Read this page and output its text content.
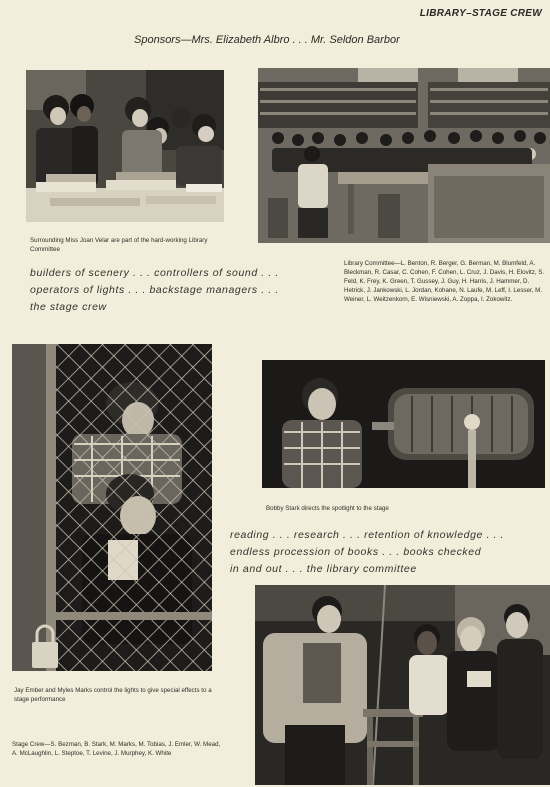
LIBRARY–STAGE CREW
Sponsors—Mrs. Elizabeth Albro . . . Mr. Seldon Barbor
Surrounding Miss Joan Velar are part of the hard-working Library Committee
Library Committee—L. Benton, R. Berger, G. Berman, M. Blumfeld, A. Bleckman, R. Casar, C. Cohen, F. Cohen, L. Cruz, J. Davis, H. Elovitz, S. Feld, K. Frey, K. Green, T. Gussey, J. Guy, H. Harris, J. Hammer, D. Hetrick, J. Jankowski, L. Jordan, Kohane, N. Laufe, M. Leff, I. Lesser, M. Weiner, L. Weitzenkorn, E. Wisniewski, A. Zoppa, I. Zokowitz.
builders of scenery . . . controllers of sound . . .
operators of lights . . . backstage managers . . .
the stage crew
Jay Ember and Myles Marks control the lights to give special effects to a stage performance
Stage Crew—S. Bezman, B. Stark, M. Marks, M. Tobias, J. Emler, W. Mead, A. McLaughlin, L. Steptoe, T. Levine, J. Murphey, K. White
Bobby Stark directs the spotlight to the stage
reading . . . research . . . retention of knowledge . . .
endless procession of books . . . books checked
in and out . . . the library committee
